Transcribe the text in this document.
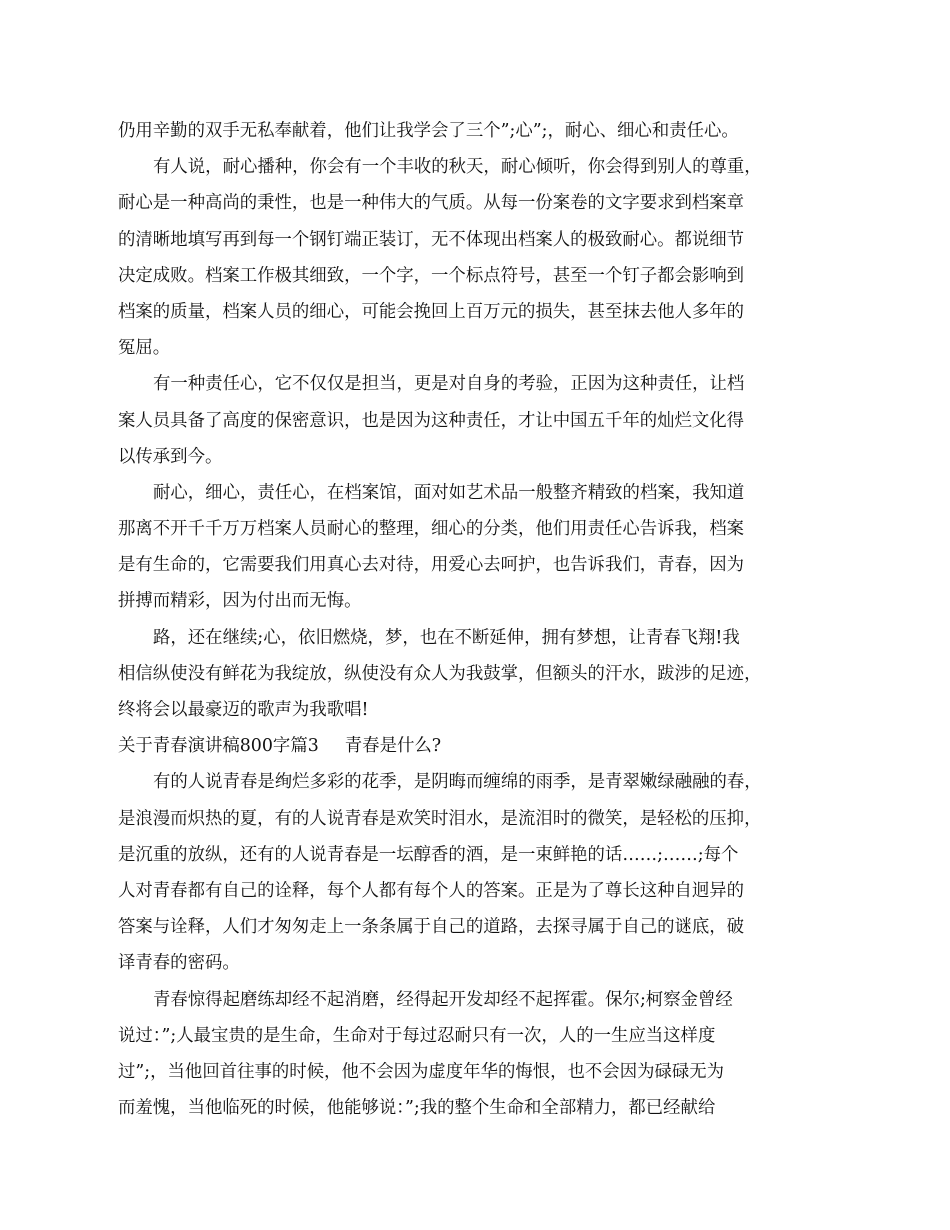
仍用辛勤的双手无私奉献着，他们让我学会了三个”;心”;，耐心、细心和责任心。
有人说，耐心播种，你会有一个丰收的秋天，耐心倾听，你会得到别人的尊重，
耐心是一种高尚的秉性，也是一种伟大的气质。从每一份案卷的文字要求到档案章
的清晰地填写再到每一个钢钉端正装订，无不体现出档案人的极致耐心。都说细节
决定成败。档案工作极其细致，一个字，一个标点符号，甚至一个钉子都会影响到
档案的质量，档案人员的细心，可能会挽回上百万元的损失，甚至抹去他人多年的
冤屈。
有一种责任心，它不仅仅是担当，更是对自身的考验，正因为这种责任，让档
案人员具备了高度的保密意识，也是因为这种责任，才让中国五千年的灿烂文化得
以传承到今。
耐心，细心，责任心，在档案馆，面对如艺术品一般整齐精致的档案，我知道
那离不开千千万万档案人员耐心的整理，细心的分类，他们用责任心告诉我，档案
是有生命的，它需要我们用真心去对待，用爱心去呵护，也告诉我们，青春，因为
拼搏而精彩，因为付出而无悔。
路，还在继续;心，依旧燃烧，梦，也在不断延伸，拥有梦想，让青春飞翔!我
相信纵使没有鲜花为我绽放，纵使没有众人为我鼓掌，但额头的汗水，跋涉的足迹，
终将会以最豪迈的歌声为我歌唱!
关于青春演讲稿800字篇3 青春是什么?
有的人说青春是绚烂多彩的花季，是阴晦而缠绵的雨季，是青翠嫩绿融融的春，
是浪漫而炽热的夏，有的人说青春是欢笑时泪水，是流泪时的微笑，是轻松的压抑，
是沉重的放纵，还有的人说青春是一坛醇香的酒，是一束鲜艳的话……;……;每个
人对青春都有自己的诠释，每个人都有每个人的答案。正是为了尊长这种自迥异的
答案与诠释，人们才匆匆走上一条条属于自己的道路，去探寻属于自己的谜底，破
译青春的密码。
青春惊得起磨练却经不起消磨，经得起开发却经不起挥霍。保尔;柯察金曾经
说过：”;人最宝贵的是生命，生命对于每过忍耐只有一次，人的一生应当这样度
过”;，当他回首往事的时候，他不会因为虚度年华的悔恨，也不会因为碌碌无为
而羞愧，当他临死的时候，他能够说：”;我的整个生命和全部精力，都已经献给
